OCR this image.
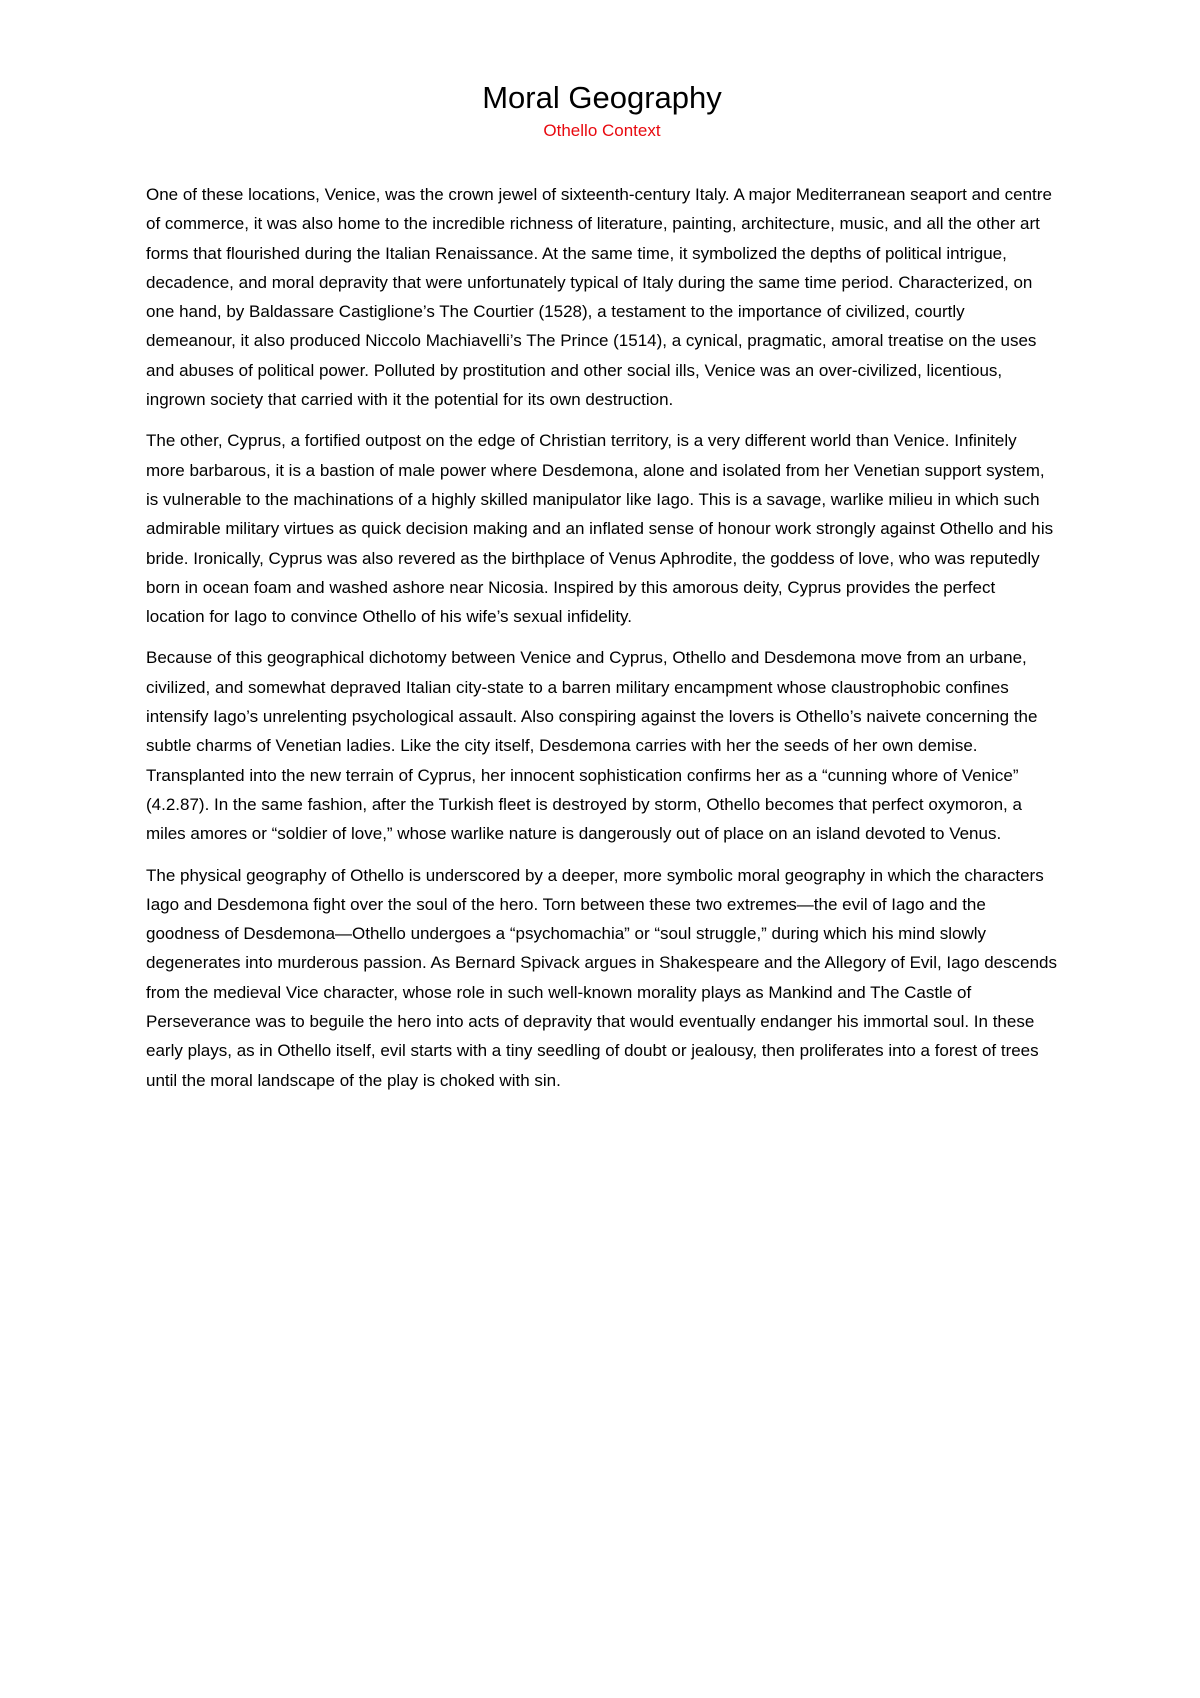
Moral Geography
Othello Context

One of these locations, Venice, was the crown jewel of sixteenth-century Italy. A major Mediterranean seaport and centre of commerce, it was also home to the incredible richness of literature, painting, architecture, music, and all the other art forms that flourished during the Italian Renaissance. At the same time, it symbolized the depths of political intrigue, decadence, and moral depravity that were unfortunately typical of Italy during the same time period. Characterized, on one hand, by Baldassare Castiglione’s The Courtier (1528), a testament to the importance of civilized, courtly demeanour, it also produced Niccolo Machiavelli’s The Prince (1514), a cynical, pragmatic, amoral treatise on the uses and abuses of political power. Polluted by prostitution and other social ills, Venice was an over-civilized, licentious, ingrown society that carried with it the potential for its own destruction.

The other, Cyprus, a fortified outpost on the edge of Christian territory, is a very different world than Venice. Infinitely more barbarous, it is a bastion of male power where Desdemona, alone and isolated from her Venetian support system, is vulnerable to the machinations of a highly skilled manipulator like Iago. This is a savage, warlike milieu in which such admirable military virtues as quick decision making and an inflated sense of honour work strongly against Othello and his bride. Ironically, Cyprus was also revered as the birthplace of Venus Aphrodite, the goddess of love, who was reputedly born in ocean foam and washed ashore near Nicosia. Inspired by this amorous deity, Cyprus provides the perfect location for Iago to convince Othello of his wife’s sexual infidelity.

Because of this geographical dichotomy between Venice and Cyprus, Othello and Desdemona move from an urbane, civilized, and somewhat depraved Italian city-state to a barren military encampment whose claustrophobic confines intensify Iago’s unrelenting psychological assault. Also conspiring against the lovers is Othello’s naivete concerning the subtle charms of Venetian ladies. Like the city itself, Desdemona carries with her the seeds of her own demise. Transplanted into the new terrain of Cyprus, her innocent sophistication confirms her as a “cunning whore of Venice” (4.2.87). In the same fashion, after the Turkish fleet is destroyed by storm, Othello becomes that perfect oxymoron, a miles amores or “soldier of love,” whose warlike nature is dangerously out of place on an island devoted to Venus.

The physical geography of Othello is underscored by a deeper, more symbolic moral geography in which the characters Iago and Desdemona fight over the soul of the hero. Torn between these two extremes—the evil of Iago and the goodness of Desdemona—Othello undergoes a “psychomachia” or “soul struggle,” during which his mind slowly degenerates into murderous passion. As Bernard Spivack argues in Shakespeare and the Allegory of Evil, Iago descends from the medieval Vice character, whose role in such well-known morality plays as Mankind and The Castle of Perseverance was to beguile the hero into acts of depravity that would eventually endanger his immortal soul. In these early plays, as in Othello itself, evil starts with a tiny seedling of doubt or jealousy, then proliferates into a forest of trees until the moral landscape of the play is choked with sin.
